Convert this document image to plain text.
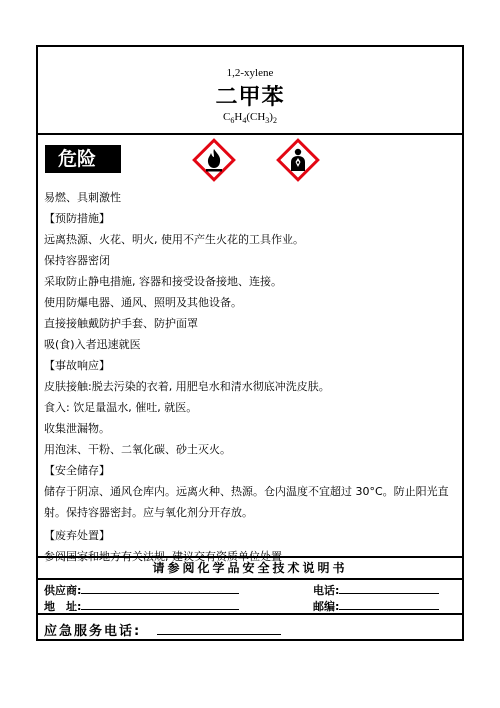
1,2-xylene
二甲苯
$C_6H_4(CH_3)_2$
危险
易燃、具刺激性
【预防措施】
远离热源、火花、明火, 使用不产生火花的工具作业。
保持容器密闭
采取防止静电措施, 容器和接受设备接地、连接。
使用防爆电器、通风、照明及其他设备。
直接接触戴防护手套、防护面罩
吸(食)入者迅速就医
【事故响应】
皮肤接触:脱去污染的衣着, 用肥皂水和清水彻底冲洗皮肤。
食入: 饮足量温水, 催吐, 就医。
收集泄漏物。
用泡沫、干粉、二氧化碳、砂土灭火。
【安全储存】
储存于阴凉、通风仓库内。远离火种、热源。仓内温度不宜超过 30°C。防止阳光直
射。保持容器密封。应与氧化剂分开存放。
【废弃处置】
参阅国家和地方有关法规, 建议交有资质单位处置
请参阅化学品安全技术说明书
供应商:	电话:
地　址:	邮编:
应急服务电话:
